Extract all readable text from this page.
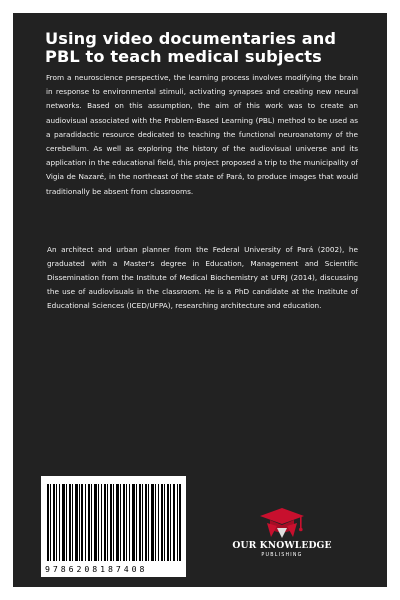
Using video documentaries and PBL to teach medical subjects

From a neuroscience perspective, the learning process involves modifying the brain in response to environmental stimuli, activating synapses and creating new neural networks. Based on this assumption, the aim of this work was to create an audiovisual associated with the Problem-Based Learning (PBL) method to be used as a paradidactic resource dedicated to teaching the functional neuroanatomy of the cerebellum. As well as exploring the history of the audiovisual universe and its application in the educational field, this project proposed a trip to the municipality of Vigia de Nazaré, in the northeast of the state of Pará, to produce images that would traditionally be absent from classrooms.

An architect and urban planner from the Federal University of Pará (2002), he graduated with a Master's degree in Education, Management and Scientific Dissemination from the Institute of Medical Biochemistry at UFRJ (2014), discussing the use of audiovisuals in the classroom. He is a PhD candidate at the Institute of Educational Sciences (ICED/UFPA), researching architecture and education.

9786208187408
OUR KNOWLEDGE
PUBLISHING
